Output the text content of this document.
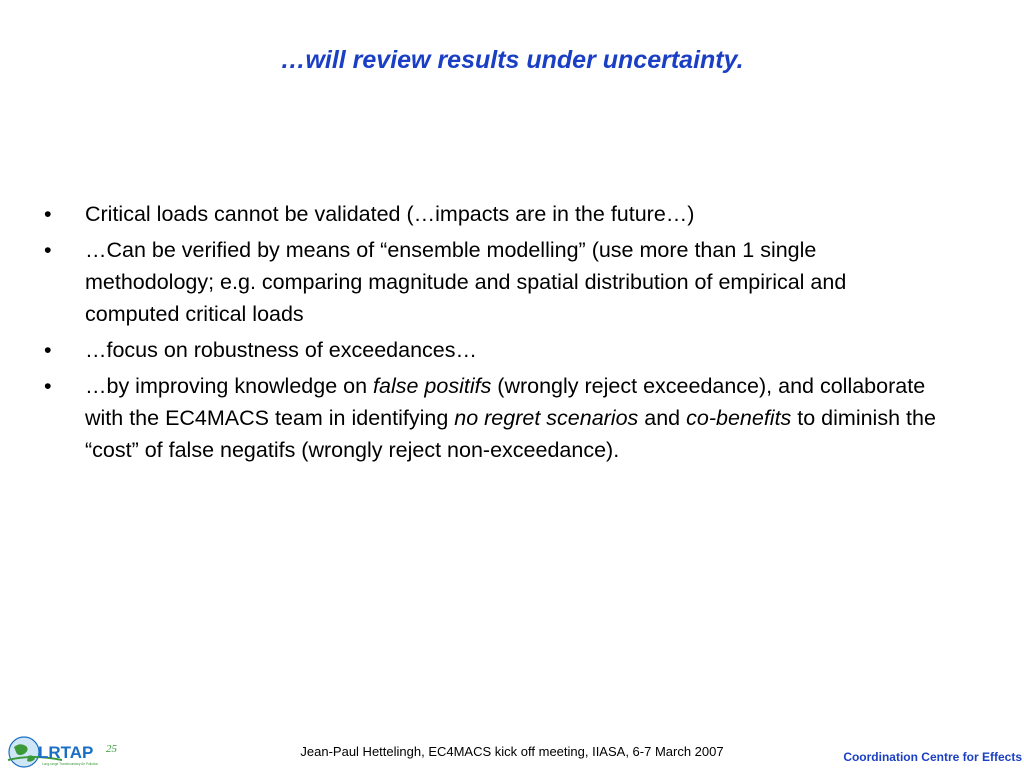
…will review results under uncertainty.
• Critical loads cannot be validated (…impacts are in the future…)
• …Can be verified by means of “ensemble modelling” (use more than 1 single methodology; e.g. comparing magnitude and spatial distribution of empirical and computed critical loads
• …focus on robustness of exceedances…
• …by improving knowledge on false positifs (wrongly reject exceedance), and collaborate with the EC4MACS team in identifying no regret scenarios and co-benefits to diminish the “cost” of false negatifs (wrongly reject non-exceedance).
LRTAP 25
Long-range Transboundary Air Pollution
Jean-Paul Hettelingh, EC4MACS kick off meeting, IIASA, 6-7 March 2007	Coordination Centre for Effects
